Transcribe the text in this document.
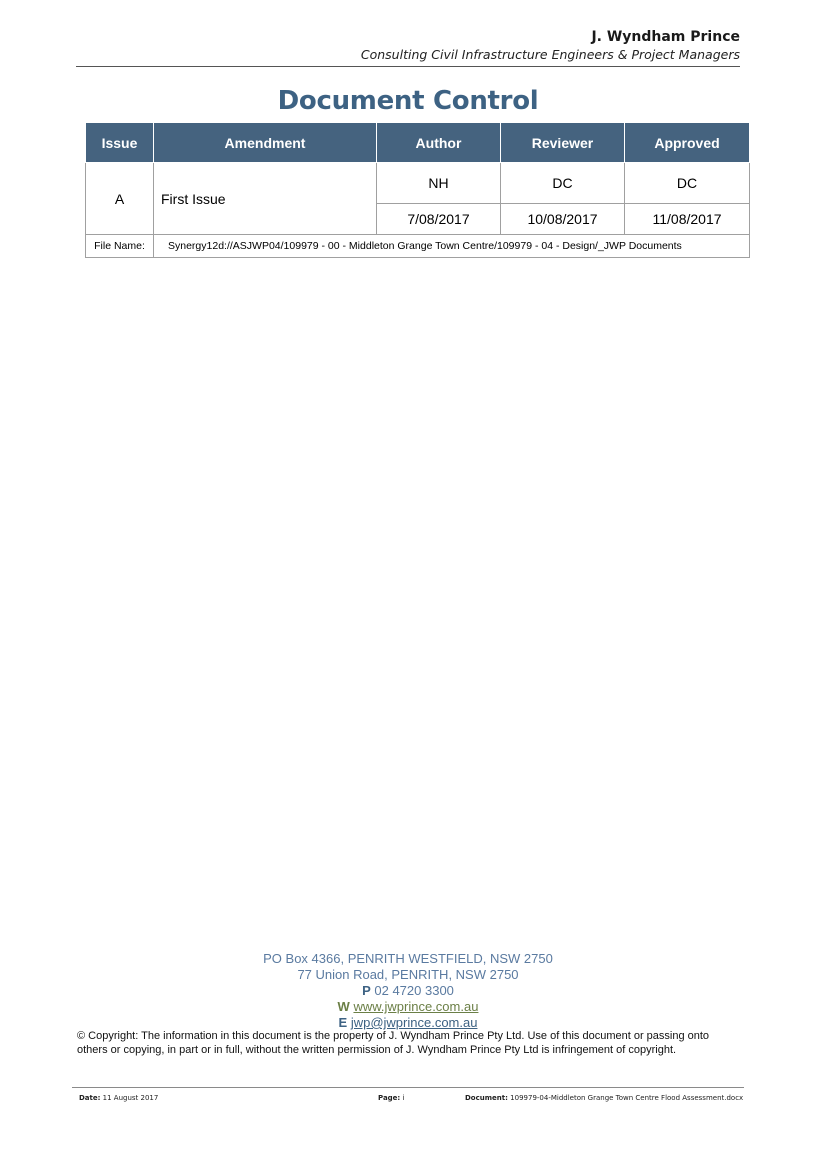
J. Wyndham Prince
Consulting Civil Infrastructure Engineers & Project Managers
Document Control
Issue	Amendment	Author	Reviewer	Approved
A	First Issue	NH	DC	DC
		7/08/2017	10/08/2017	11/08/2017
File Name:	Synergy12d://ASJWP04/109979 - 00 - Middleton Grange Town Centre/109979 - 04 - Design/_JWP Documents			
PO Box 4366, PENRITH WESTFIELD, NSW 2750
77 Union Road, PENRITH, NSW 2750
P 02 4720 3300
W www.jwprince.com.au
E jwp@jwprince.com.au
© Copyright: The information in this document is the property of J. Wyndham Prince Pty Ltd. Use of this document or passing onto others or copying, in part or in full, without the written permission of J. Wyndham Prince Pty Ltd is infringement of copyright.
Date: 11 August 2017	Page: i	Document: 109979-04-Middleton Grange Town Centre Flood Assessment.docx
